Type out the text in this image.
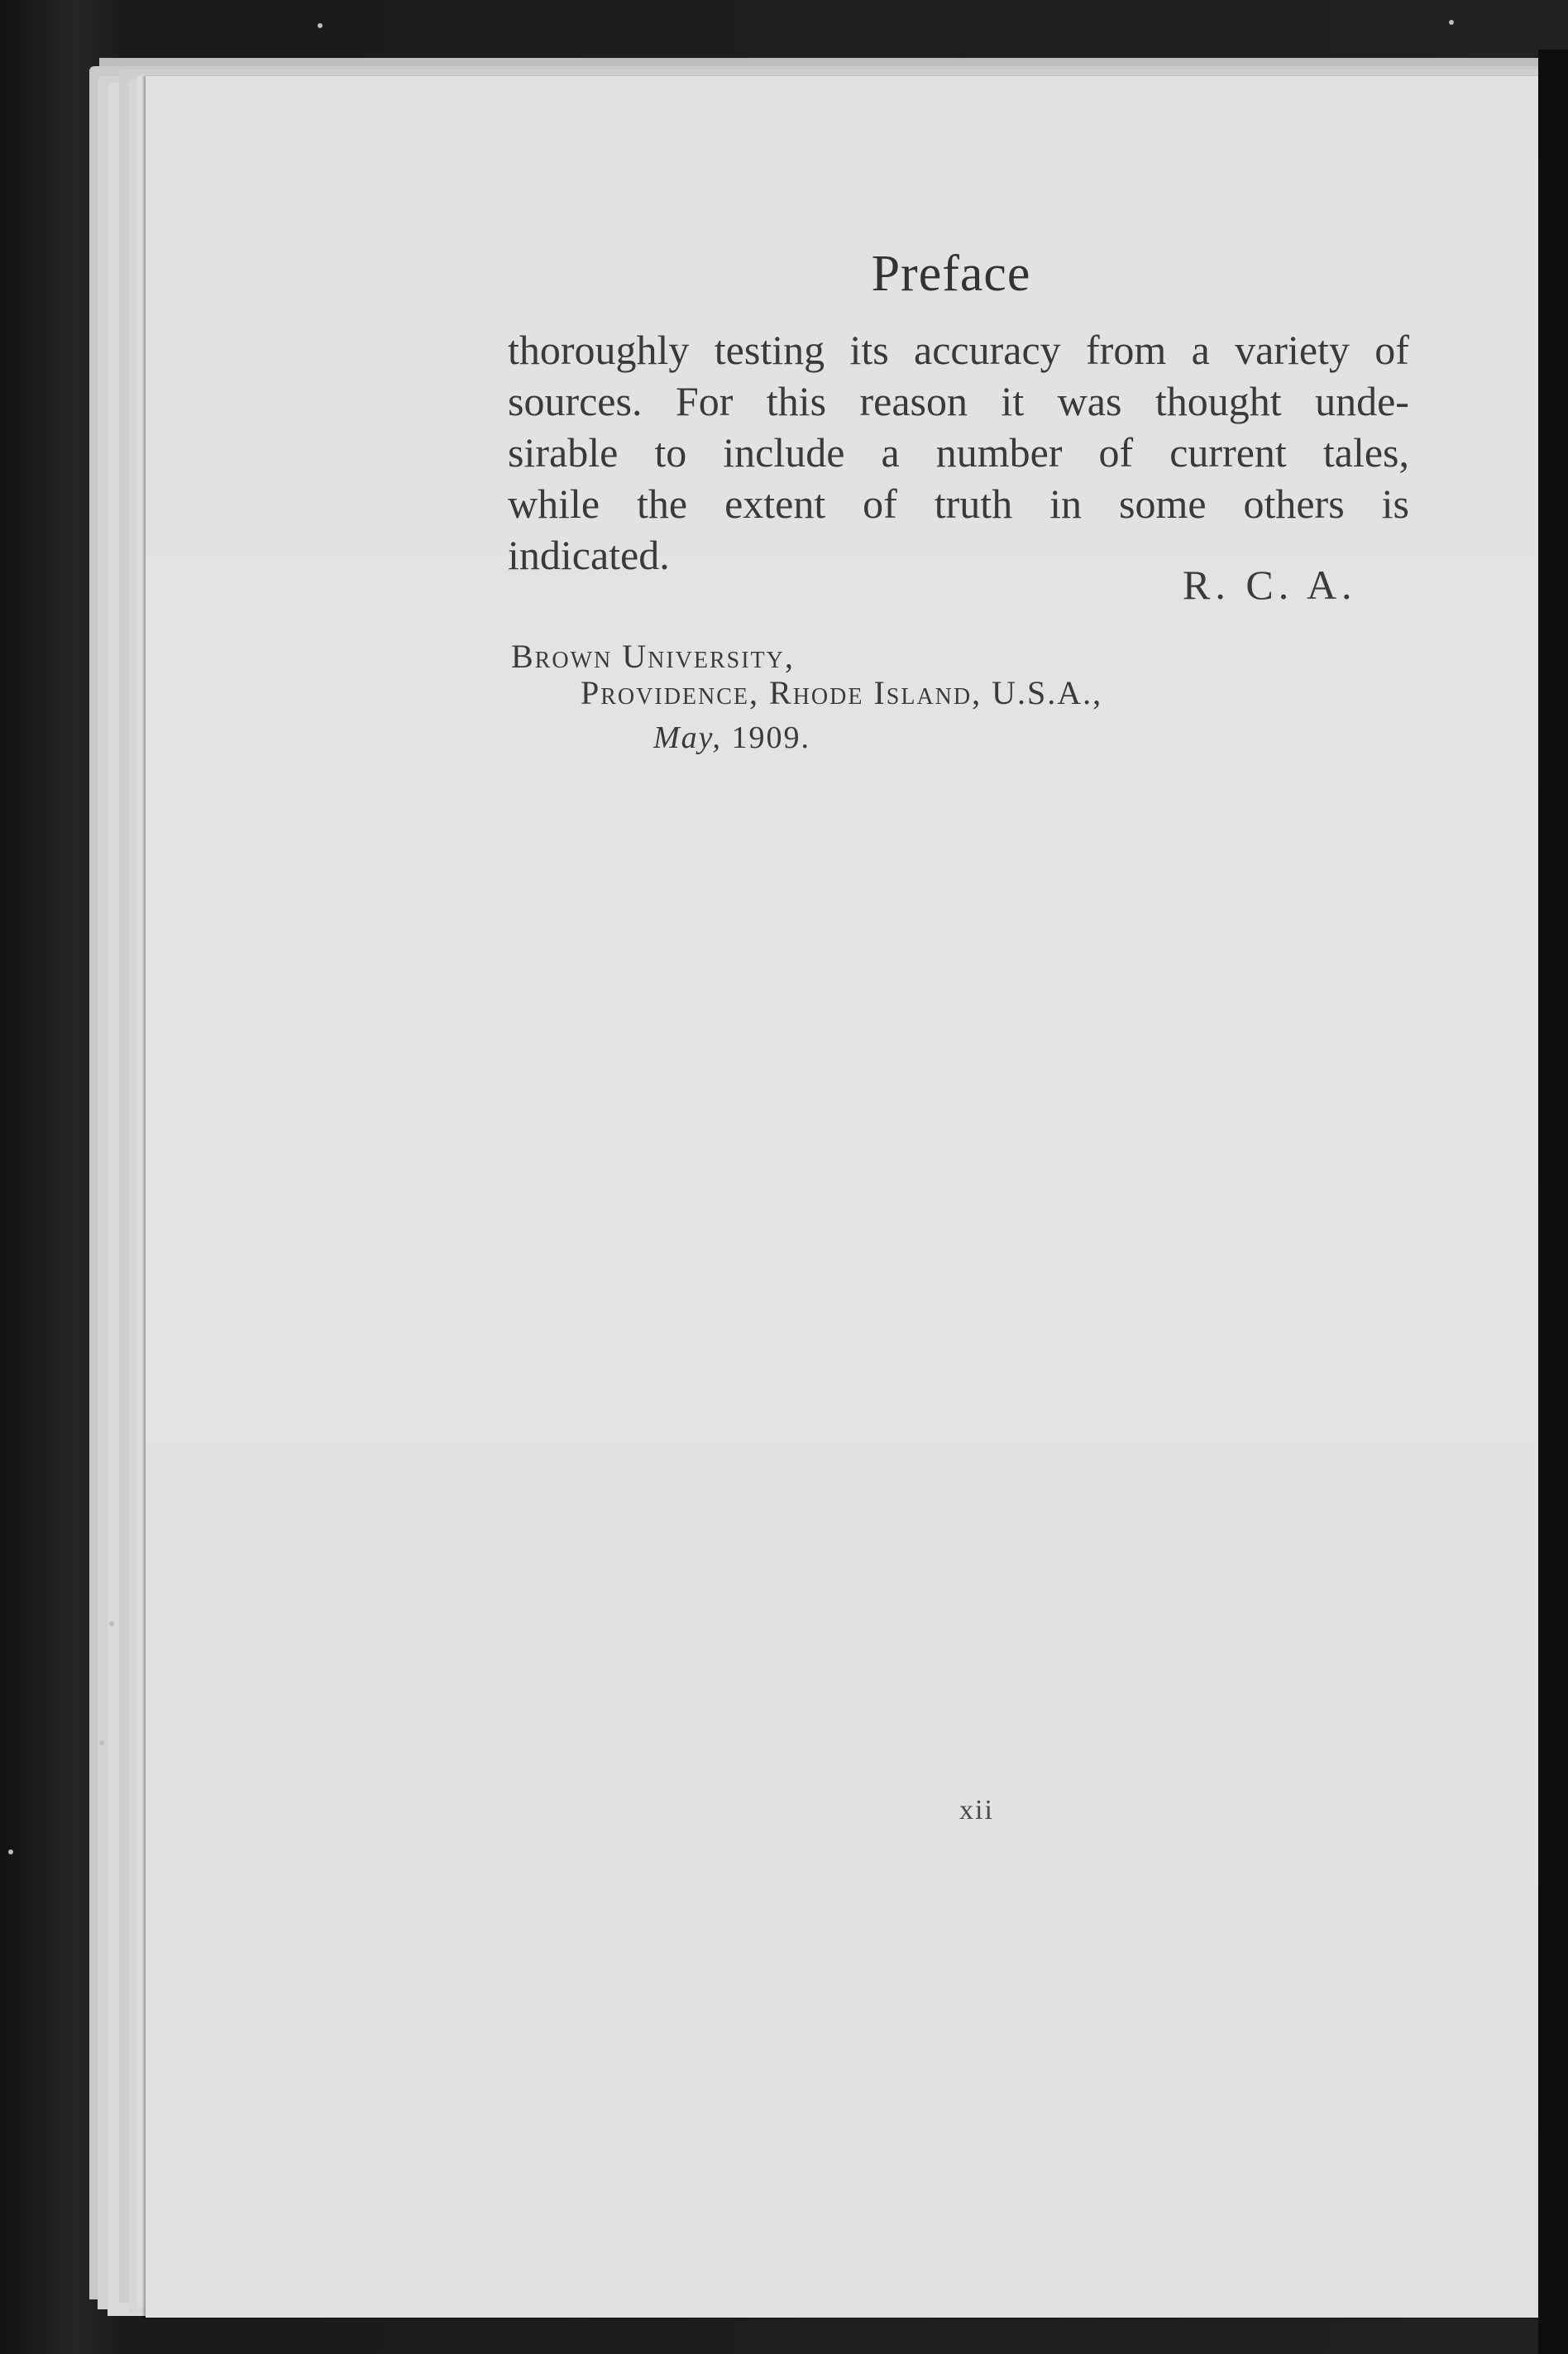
Preface
thoroughly testing its accuracy from a variety of
sources. For this reason it was thought unde-
sirable to include a number of current tales,
while the extent of truth in some others is
indicated.
R. C. A.
Brown University,
Providence, Rhode Island, U.S.A.,
May, 1909.
xii
